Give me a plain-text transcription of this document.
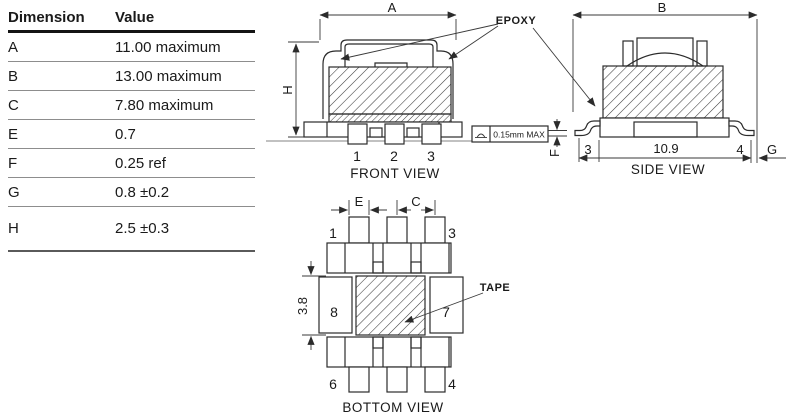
Dimension	Value
A	11.00 maximum
B	13.00 maximum
C	7.80 maximum
E	0.7
F	0.25 ref
G	0.8 ±0.2
H	2.5 ±0.3
A
H
1 2 3
FRONT VIEW
EPOXY
0.15mm MAX
B
F 3	10.9	4 G
SIDE VIEW
E	C
1	3
8	7
3.8
TAPE
6	4
BOTTOM VIEW
